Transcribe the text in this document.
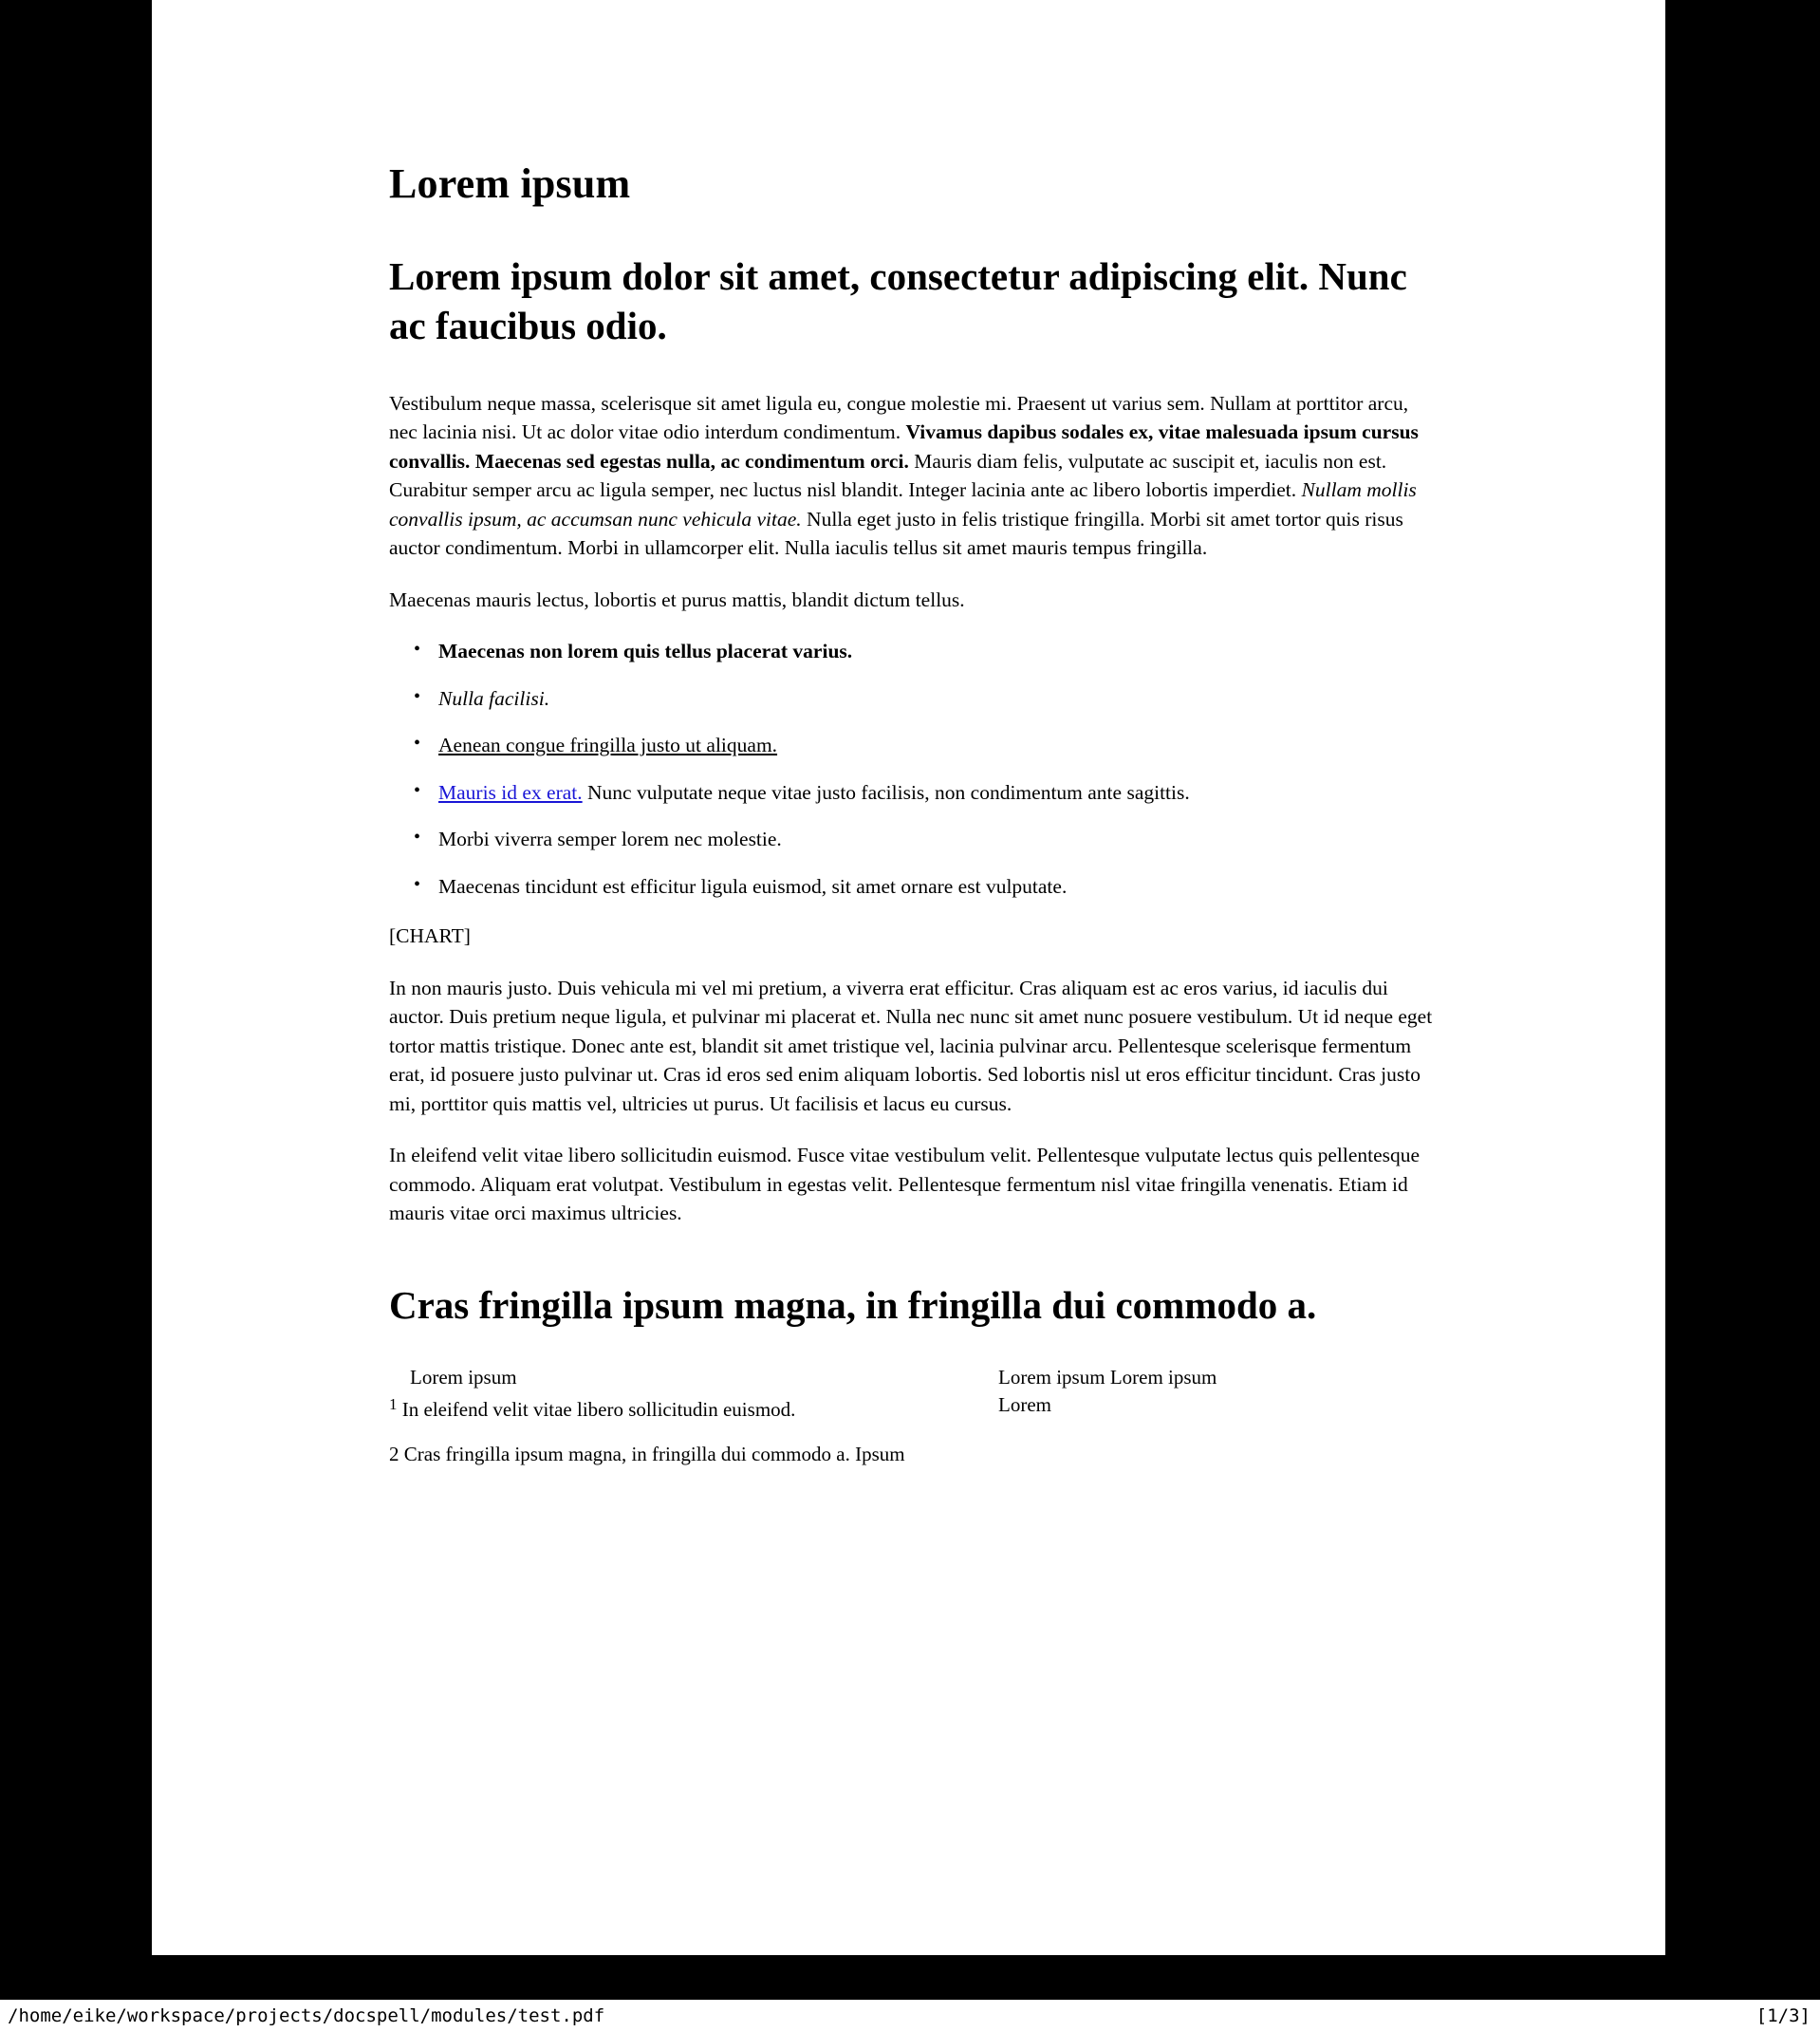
Lorem ipsum
Lorem ipsum dolor sit amet, consectetur adipiscing elit. Nunc ac faucibus odio.

Vestibulum neque massa, scelerisque sit amet ligula eu, congue molestie mi. Praesent ut varius sem. Nullam at porttitor arcu, nec lacinia nisi. Ut ac dolor vitae odio interdum condimentum. Vivamus dapibus sodales ex, vitae malesuada ipsum cursus convallis. Maecenas sed egestas nulla, ac condimentum orci. Mauris diam felis, vulputate ac suscipit et, iaculis non est. Curabitur semper arcu ac ligula semper, nec luctus nisl blandit. Integer lacinia ante ac libero lobortis imperdiet. Nullam mollis convallis ipsum, ac accumsan nunc vehicula vitae. Nulla eget justo in felis tristique fringilla. Morbi sit amet tortor quis risus auctor condimentum. Morbi in ullamcorper elit. Nulla iaculis tellus sit amet mauris tempus fringilla.

Maecenas mauris lectus, lobortis et purus mattis, blandit dictum tellus.

• Maecenas non lorem quis tellus placerat varius.
• Nulla facilisi.
• Aenean congue fringilla justo ut aliquam.
• Mauris id ex erat. Nunc vulputate neque vitae justo facilisis, non condimentum ante sagittis.
• Morbi viverra semper lorem nec molestie.
• Maecenas tincidunt est efficitur ligula euismod, sit amet ornare est vulputate.

[CHART]

In non mauris justo. Duis vehicula mi vel mi pretium, a viverra erat efficitur. Cras aliquam est ac eros varius, id iaculis dui auctor. Duis pretium neque ligula, et pulvinar mi placerat et. Nulla nec nunc sit amet nunc posuere vestibulum. Ut id neque eget tortor mattis tristique. Donec ante est, blandit sit amet tristique vel, lacinia pulvinar arcu. Pellentesque scelerisque fermentum erat, id posuere justo pulvinar ut. Cras id eros sed enim aliquam lobortis. Sed lobortis nisl ut eros efficitur tincidunt. Cras justo mi, porttitor quis mattis vel, ultricies ut purus. Ut facilisis et lacus eu cursus.

In eleifend velit vitae libero sollicitudin euismod. Fusce vitae vestibulum velit. Pellentesque vulputate lectus quis pellentesque commodo. Aliquam erat volutpat. Vestibulum in egestas velit. Pellentesque fermentum nisl vitae fringilla venenatis. Etiam id mauris vitae orci maximus ultricies.

Cras fringilla ipsum magna, in fringilla dui commodo a.

Lorem ipsum

$^1$ In eleifend velit vitae libero sollicitudin euismod.

Lorem ipsum Lorem ipsum

Lorem

2 Cras fringilla ipsum magna, in fringilla dui commodo a. Ipsum

/home/eike/workspace/projects/docspell/modules/test.pdf	[1/3]
